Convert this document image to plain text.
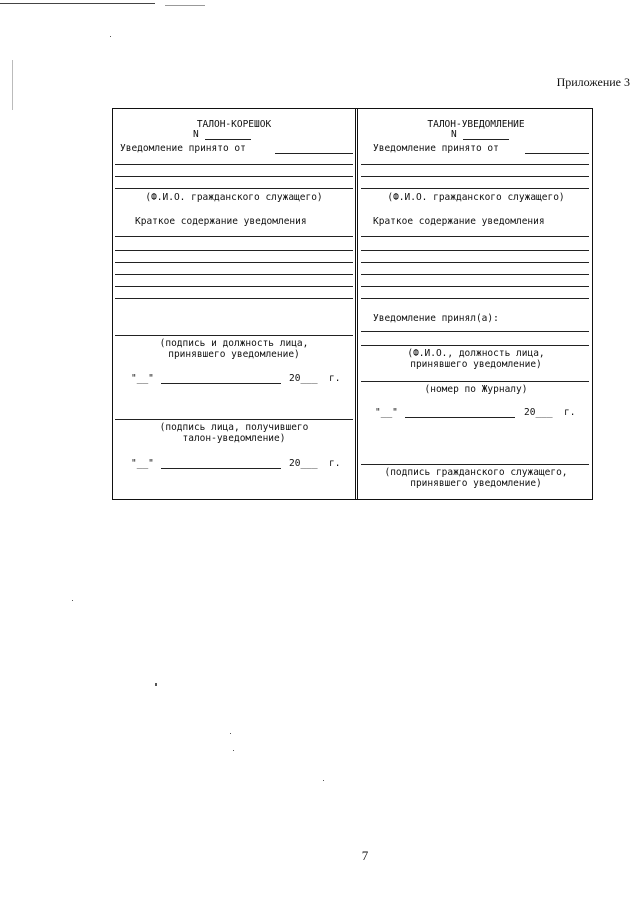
Приложение 3
ТАЛОН-КОРЕШОК
N
Уведомление принято от
(Ф.И.О. гражданского служащего)
Краткое содержание уведомления
(подпись и должность лица,
принявшего уведомление)
"__"	20___ г.
(подпись лица, получившего
талон-уведомление)
"__"	20___ г.
ТАЛОН-УВЕДОМЛЕНИЕ
N
Уведомление принято от
(Ф.И.О. гражданского служащего)
Краткое содержание уведомления
Уведомление принял(а):
(Ф.И.О., должность лица,
принявшего уведомление)
(номер по Журналу)
"__"	20___ г.
(подпись гражданского служащего,
принявшего уведомление)
7
